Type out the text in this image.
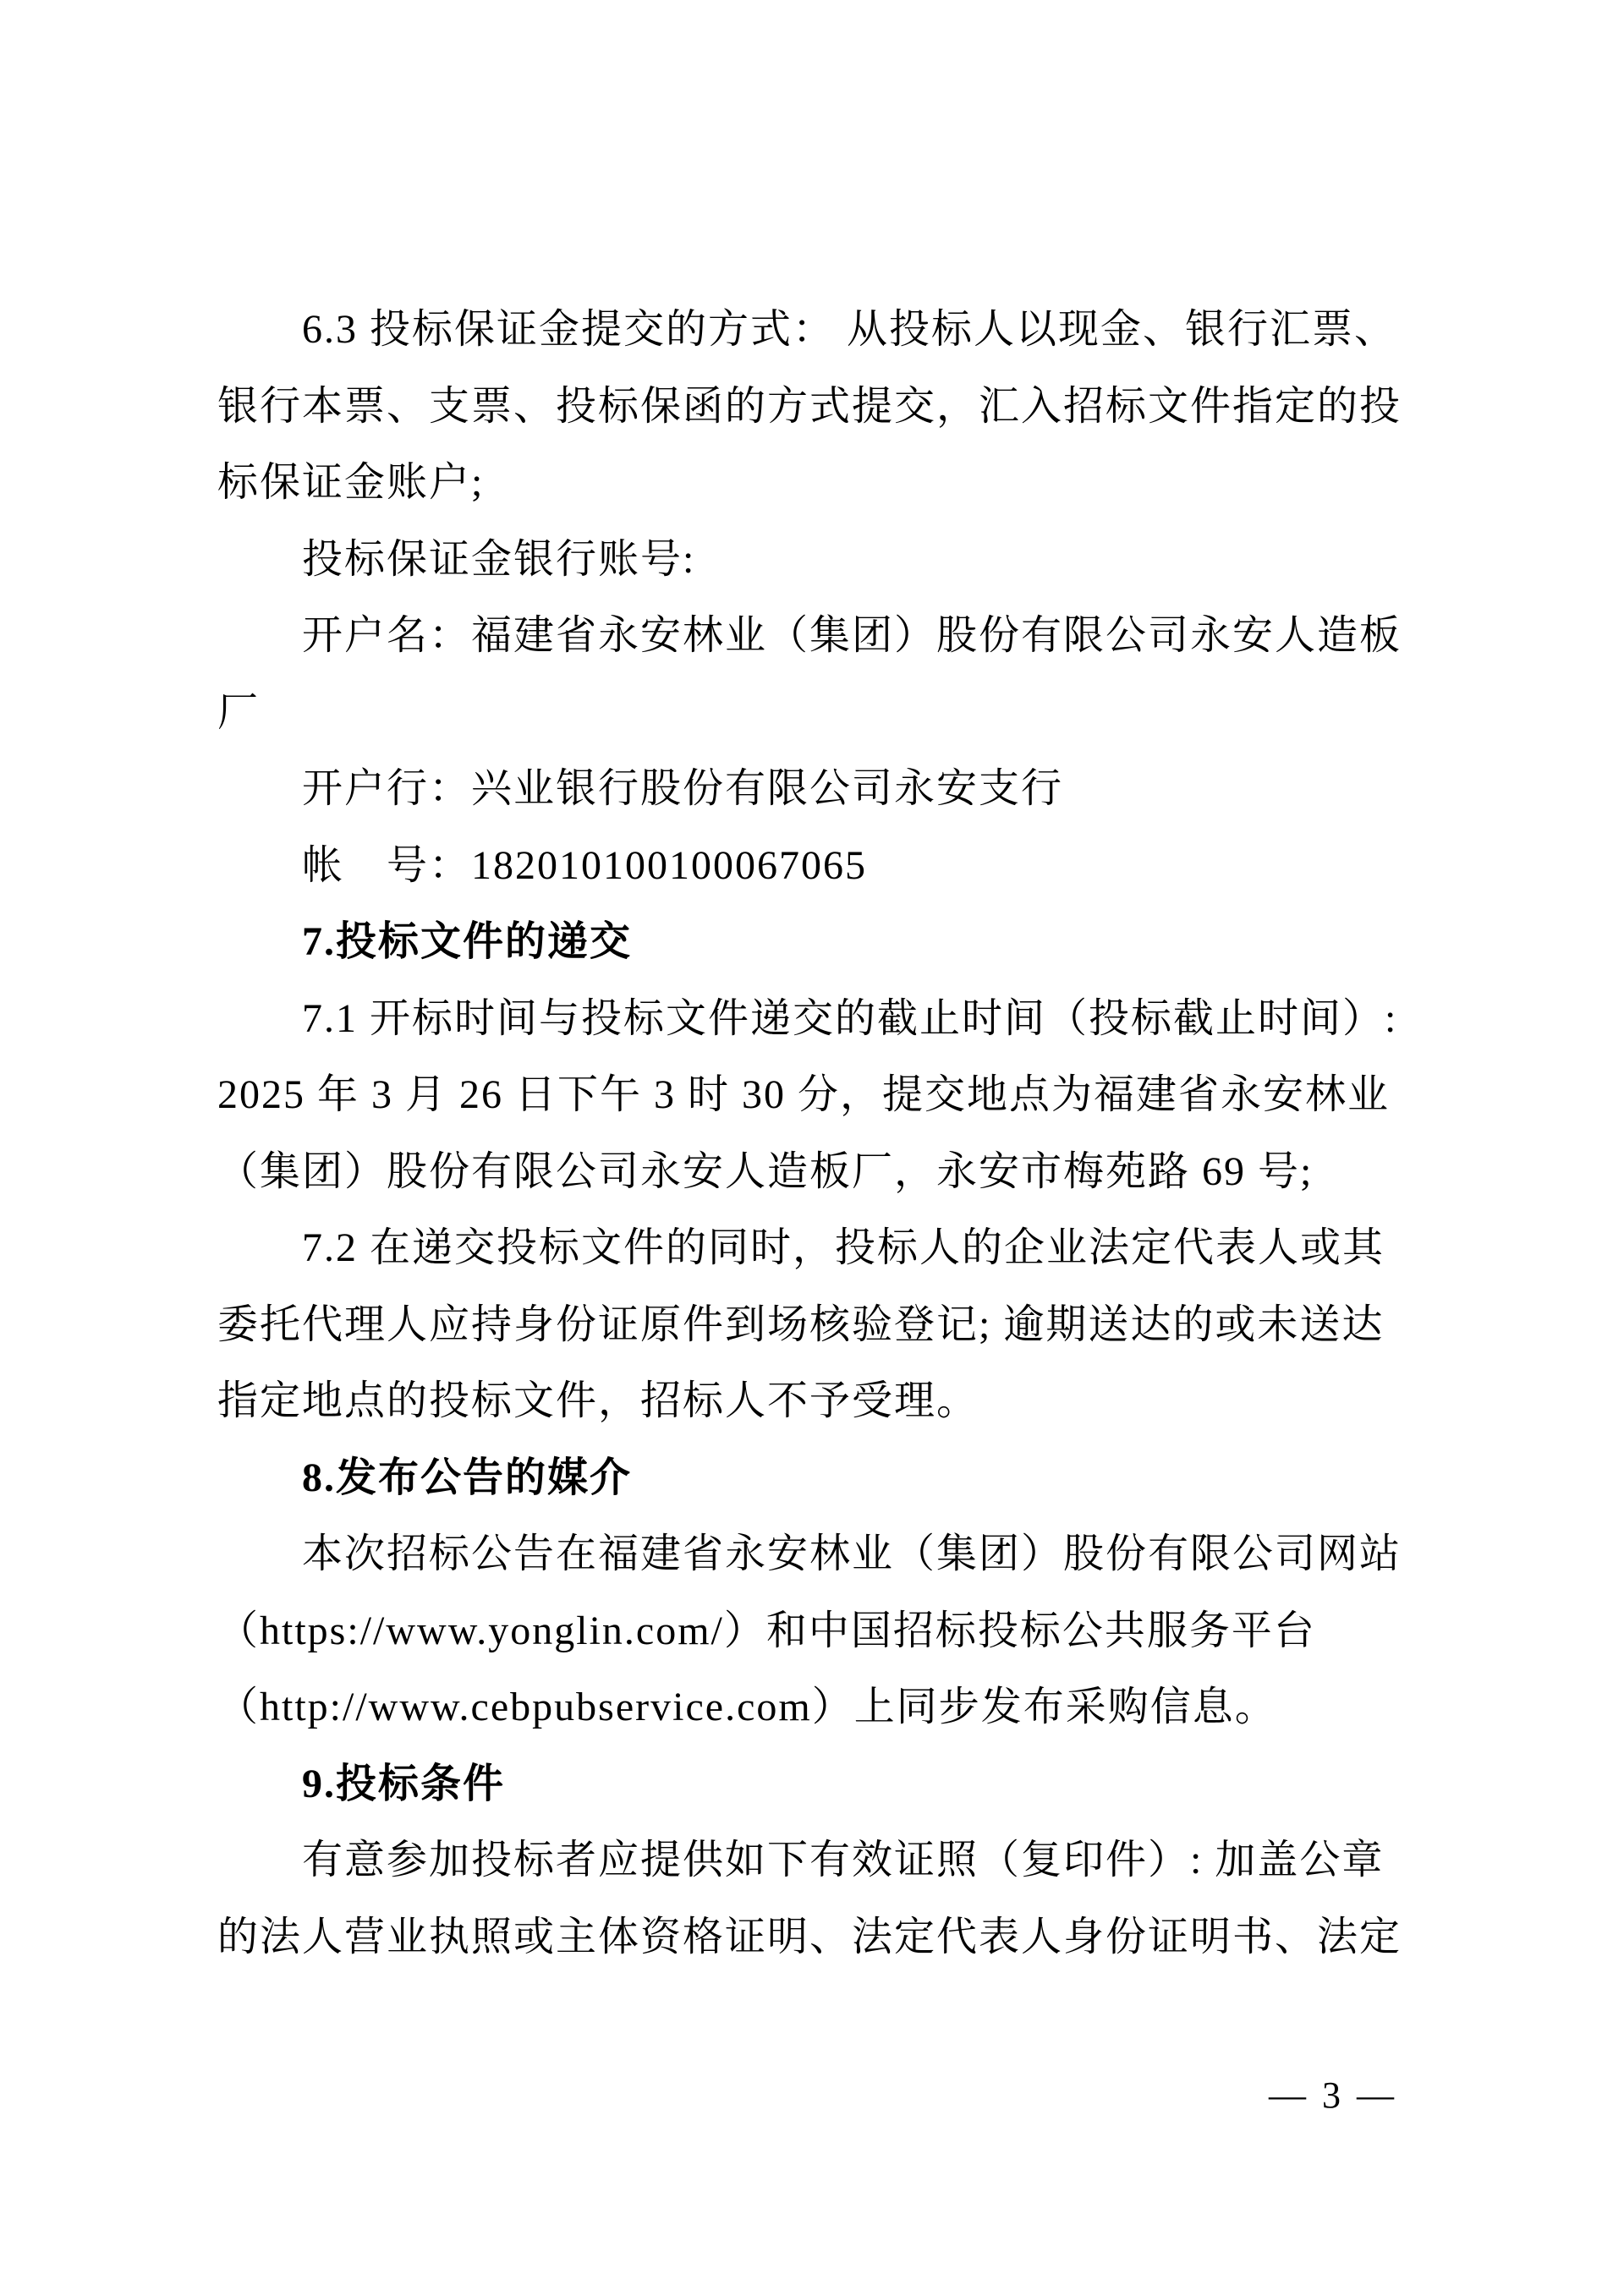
6.3 投标保证金提交的方式： 从投标人以现金、银行汇票、
银行本票、支票、投标保函的方式提交，汇入招标文件指定的投
标保证金账户;
投标保证金银行账号:
开户名：福建省永安林业（集团）股份有限公司永安人造板
厂
开户行：兴业银行股份有限公司永安支行
帐　号：182010100100067065
7.投标文件的递交
7.1 开标时间与投标文件递交的截止时间（投标截止时间）:
2025 年 3 月 26 日下午 3 时 30 分，提交地点为福建省永安林业
（集团）股份有限公司永安人造板厂，永安市梅苑路 69 号;
7.2 在递交投标文件的同时，投标人的企业法定代表人或其
委托代理人应持身份证原件到场核验登记; 逾期送达的或未送达
指定地点的投标文件，招标人不予受理。
8.发布公告的媒介
本次招标公告在福建省永安林业（集团）股份有限公司网站
（https://www.yonglin.com/）和中国招标投标公共服务平台
（http://www.cebpubservice.com）上同步发布采购信息。
9.投标条件
有意参加投标者应提供如下有效证照（复印件）: 加盖公章
的法人营业执照或主体资格证明、法定代表人身份证明书、法定
— 3 —
